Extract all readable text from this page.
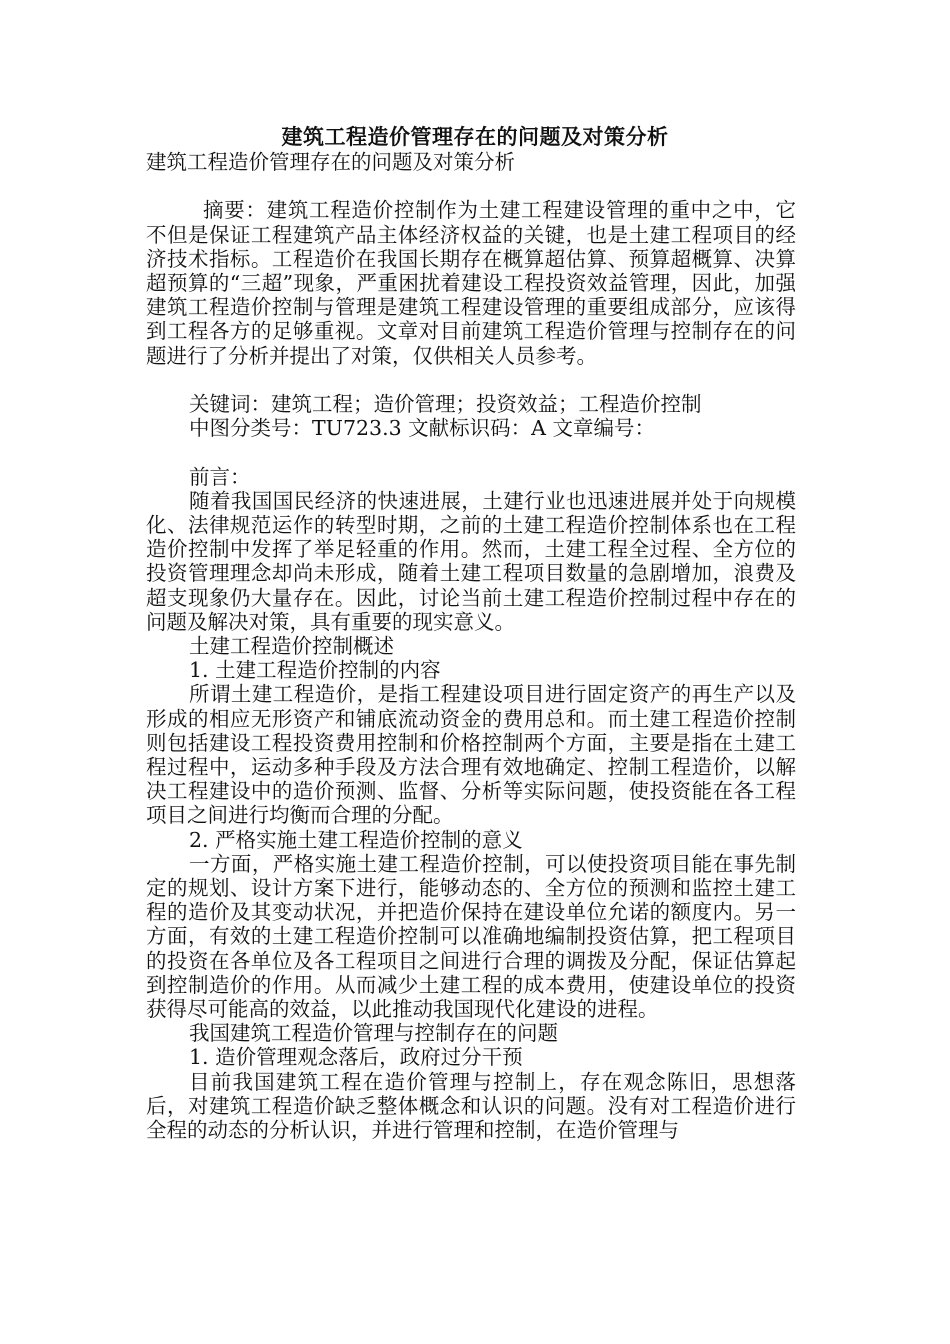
建筑工程造价管理存在的问题及对策分析

建筑工程造价管理存在的问题及对策分析

摘要：建筑工程造价控制作为土建工程建设管理的重中之中，它不但是保证工程建筑产品主体经济权益的关键，也是土建工程项目的经济技术指标。工程造价在我国长期存在概算超估算、预算超概算、决算超预算的“三超”现象，严重困扰着建设工程投资效益管理，因此，加强建筑工程造价控制与管理是建筑工程建设管理的重要组成部分，应该得到工程各方的足够重视。文章对目前建筑工程造价管理与控制存在的问题进行了分析并提出了对策，仅供相关人员参考。

关键词：建筑工程；造价管理；投资效益；工程造价控制

中图分类号：TU723.3 文献标识码：A 文章编号：

前言：

随着我国国民经济的快速进展，土建行业也迅速进展并处于向规模化、法律规范运作的转型时期，之前的土建工程造价控制体系也在工程造价控制中发挥了举足轻重的作用。然而，土建工程全过程、全方位的投资管理理念却尚未形成，随着土建工程项目数量的急剧增加，浪费及超支现象仍大量存在。因此，讨论当前土建工程造价控制过程中存在的问题及解决对策，具有重要的现实意义。

土建工程造价控制概述

1. 土建工程造价控制的内容

所谓土建工程造价，是指工程建设项目进行固定资产的再生产以及形成的相应无形资产和铺底流动资金的费用总和。而土建工程造价控制则包括建设工程投资费用控制和价格控制两个方面，主要是指在土建工程过程中，运动多种手段及方法合理有效地确定、控制工程造价，以解决工程建设中的造价预测、监督、分析等实际问题，使投资能在各工程项目之间进行均衡而合理的分配。

2. 严格实施土建工程造价控制的意义

一方面，严格实施土建工程造价控制，可以使投资项目能在事先制定的规划、设计方案下进行，能够动态的、全方位的预测和监控土建工程的造价及其变动状况，并把造价保持在建设单位允诺的额度内。另一方面，有效的土建工程造价控制可以准确地编制投资估算，把工程项目的投资在各单位及各工程项目之间进行合理的调拨及分配，保证估算起到控制造价的作用。从而减少土建工程的成本费用，使建设单位的投资获得尽可能高的效益，以此推动我国现代化建设的进程。

我国建筑工程造价管理与控制存在的问题

1. 造价管理观念落后，政府过分干预

目前我国建筑工程在造价管理与控制上，存在观念陈旧，思想落后，对建筑工程造价缺乏整体概念和认识的问题。没有对工程造价进行全程的动态的分析认识，并进行管理和控制，在造价管理与
